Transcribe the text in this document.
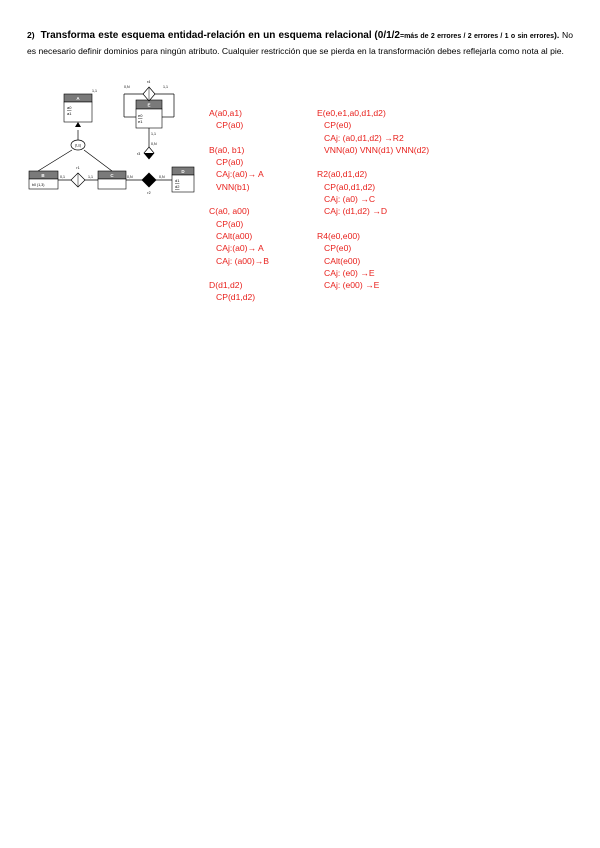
2) Transforma este esquema entidad-relación en un esquema relacional (0/1/2=más de 2 errores / 2 errores / 1 o sin errores). No es necesario definir dominios para ningún atributo. Cualquier restricción que se pierda en la transformación debes reflejarla como nota al pie.
A
a0
a1
(t,s)
E
e0
e1
B
b0 (1,3)
C
D
d1
d2
r1
r2
r3
r4
0,1	1,1	0,N	0,N
0,N
1,1
0,N	1,1
1,1
A(a0,a1)
CP(a0)
B(a0, b1)
CP(a0)
CAj:(a0)→ A
VNN(b1)
C(a0, a00)
CP(a0)
CAlt(a00)
CAj:(a0)→ A
CAj: (a00)→B
D(d1,d2)
CP(d1,d2)
E(e0,e1,a0,d1,d2)
CP(e0)
CAj: (a0,d1,d2) →R2
VNN(a0) VNN(d1) VNN(d2)
R2(a0,d1,d2)
CP(a0,d1,d2)
CAj: (a0) →C
CAj: (d1,d2) →D
R4(e0,e00)
CP(e0)
CAlt(e00)
CAj: (e0) →E
CAj: (e00) →E
